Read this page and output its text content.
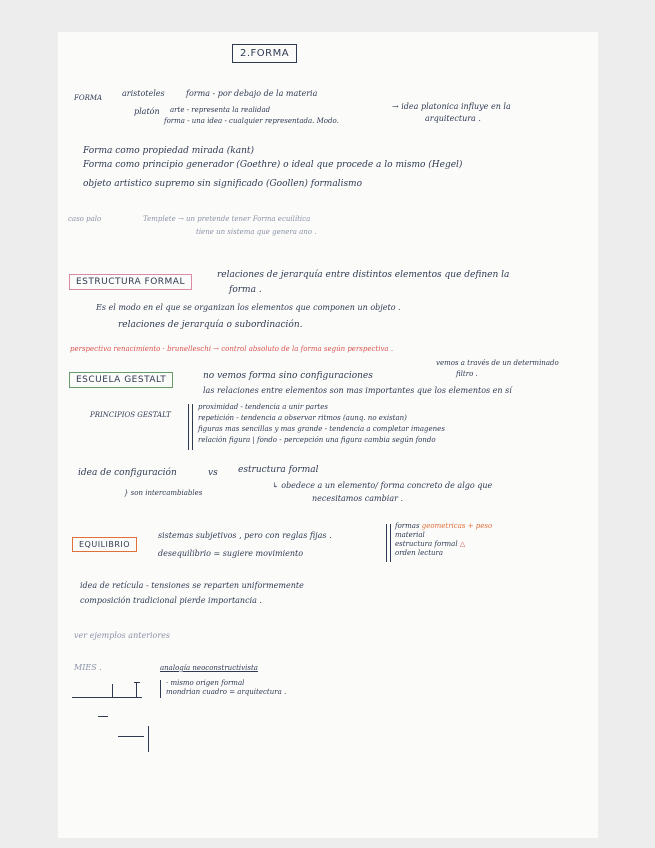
2.FORMA
FORMA aristoteles	forma - por debajo de la materia
platón arte - representa la realidad
forma - una idea - cualquier representada. Modo.
→ idea platonica influye en la
arquitectura .
Forma como propiedad mirada (kant)
Forma como principio generador (Goethre) o ideal que procede a lo mismo (Hegel)
objeto artistico supremo sin significado (Goollen) formalismo
caso palo	Templete → un pretende tener Forma ecuilítica
tiene un sistema que genera ano .
ESTRUCTURA FORMAL
relaciones de jerarquía entre distintos elementos que definen la
forma .
Es el modo en el que se organizan los elementos que componen un objeto .
relaciones de jerarquía o subordinación.
perspectiva renacimiento · brunelleschi → control absoluto de la forma según perspectiva .
ESCUELA GESTALT
vemos a través de un determinado
filtro .
no vemos forma sino configuraciones
las relaciones entre elementos son mas importantes que los elementos en sí
PRINCIPIOS GESTALT
proximidad - tendencia a unir partes
repetición - tendencia a observar ritmos (aunq. no existan)
figuras mas sencillas y mas grande - tendencia a completar imagenes
relación figura | fondo - percepción una figura cambia según fondo
idea de configuración	vs estructura formal
} son intercambiables
↳ obedece a un elemento/ forma concreto de algo que
necesitamos cambiar .
EQUILIBRIO
sistemas subjetivos , pero con reglas fijas .
desequilibrio = sugiere movimiento
formas geometricas + peso
material
estructura formal △
orden lectura
idea de retícula - tensiones se reparten uniformemente
composición tradicional pierde importancia .
ver ejemplos anteriores
MIES .	analogía neoconstructivista
· mismo origen formal
mondrian cuadro = arquitectura .
